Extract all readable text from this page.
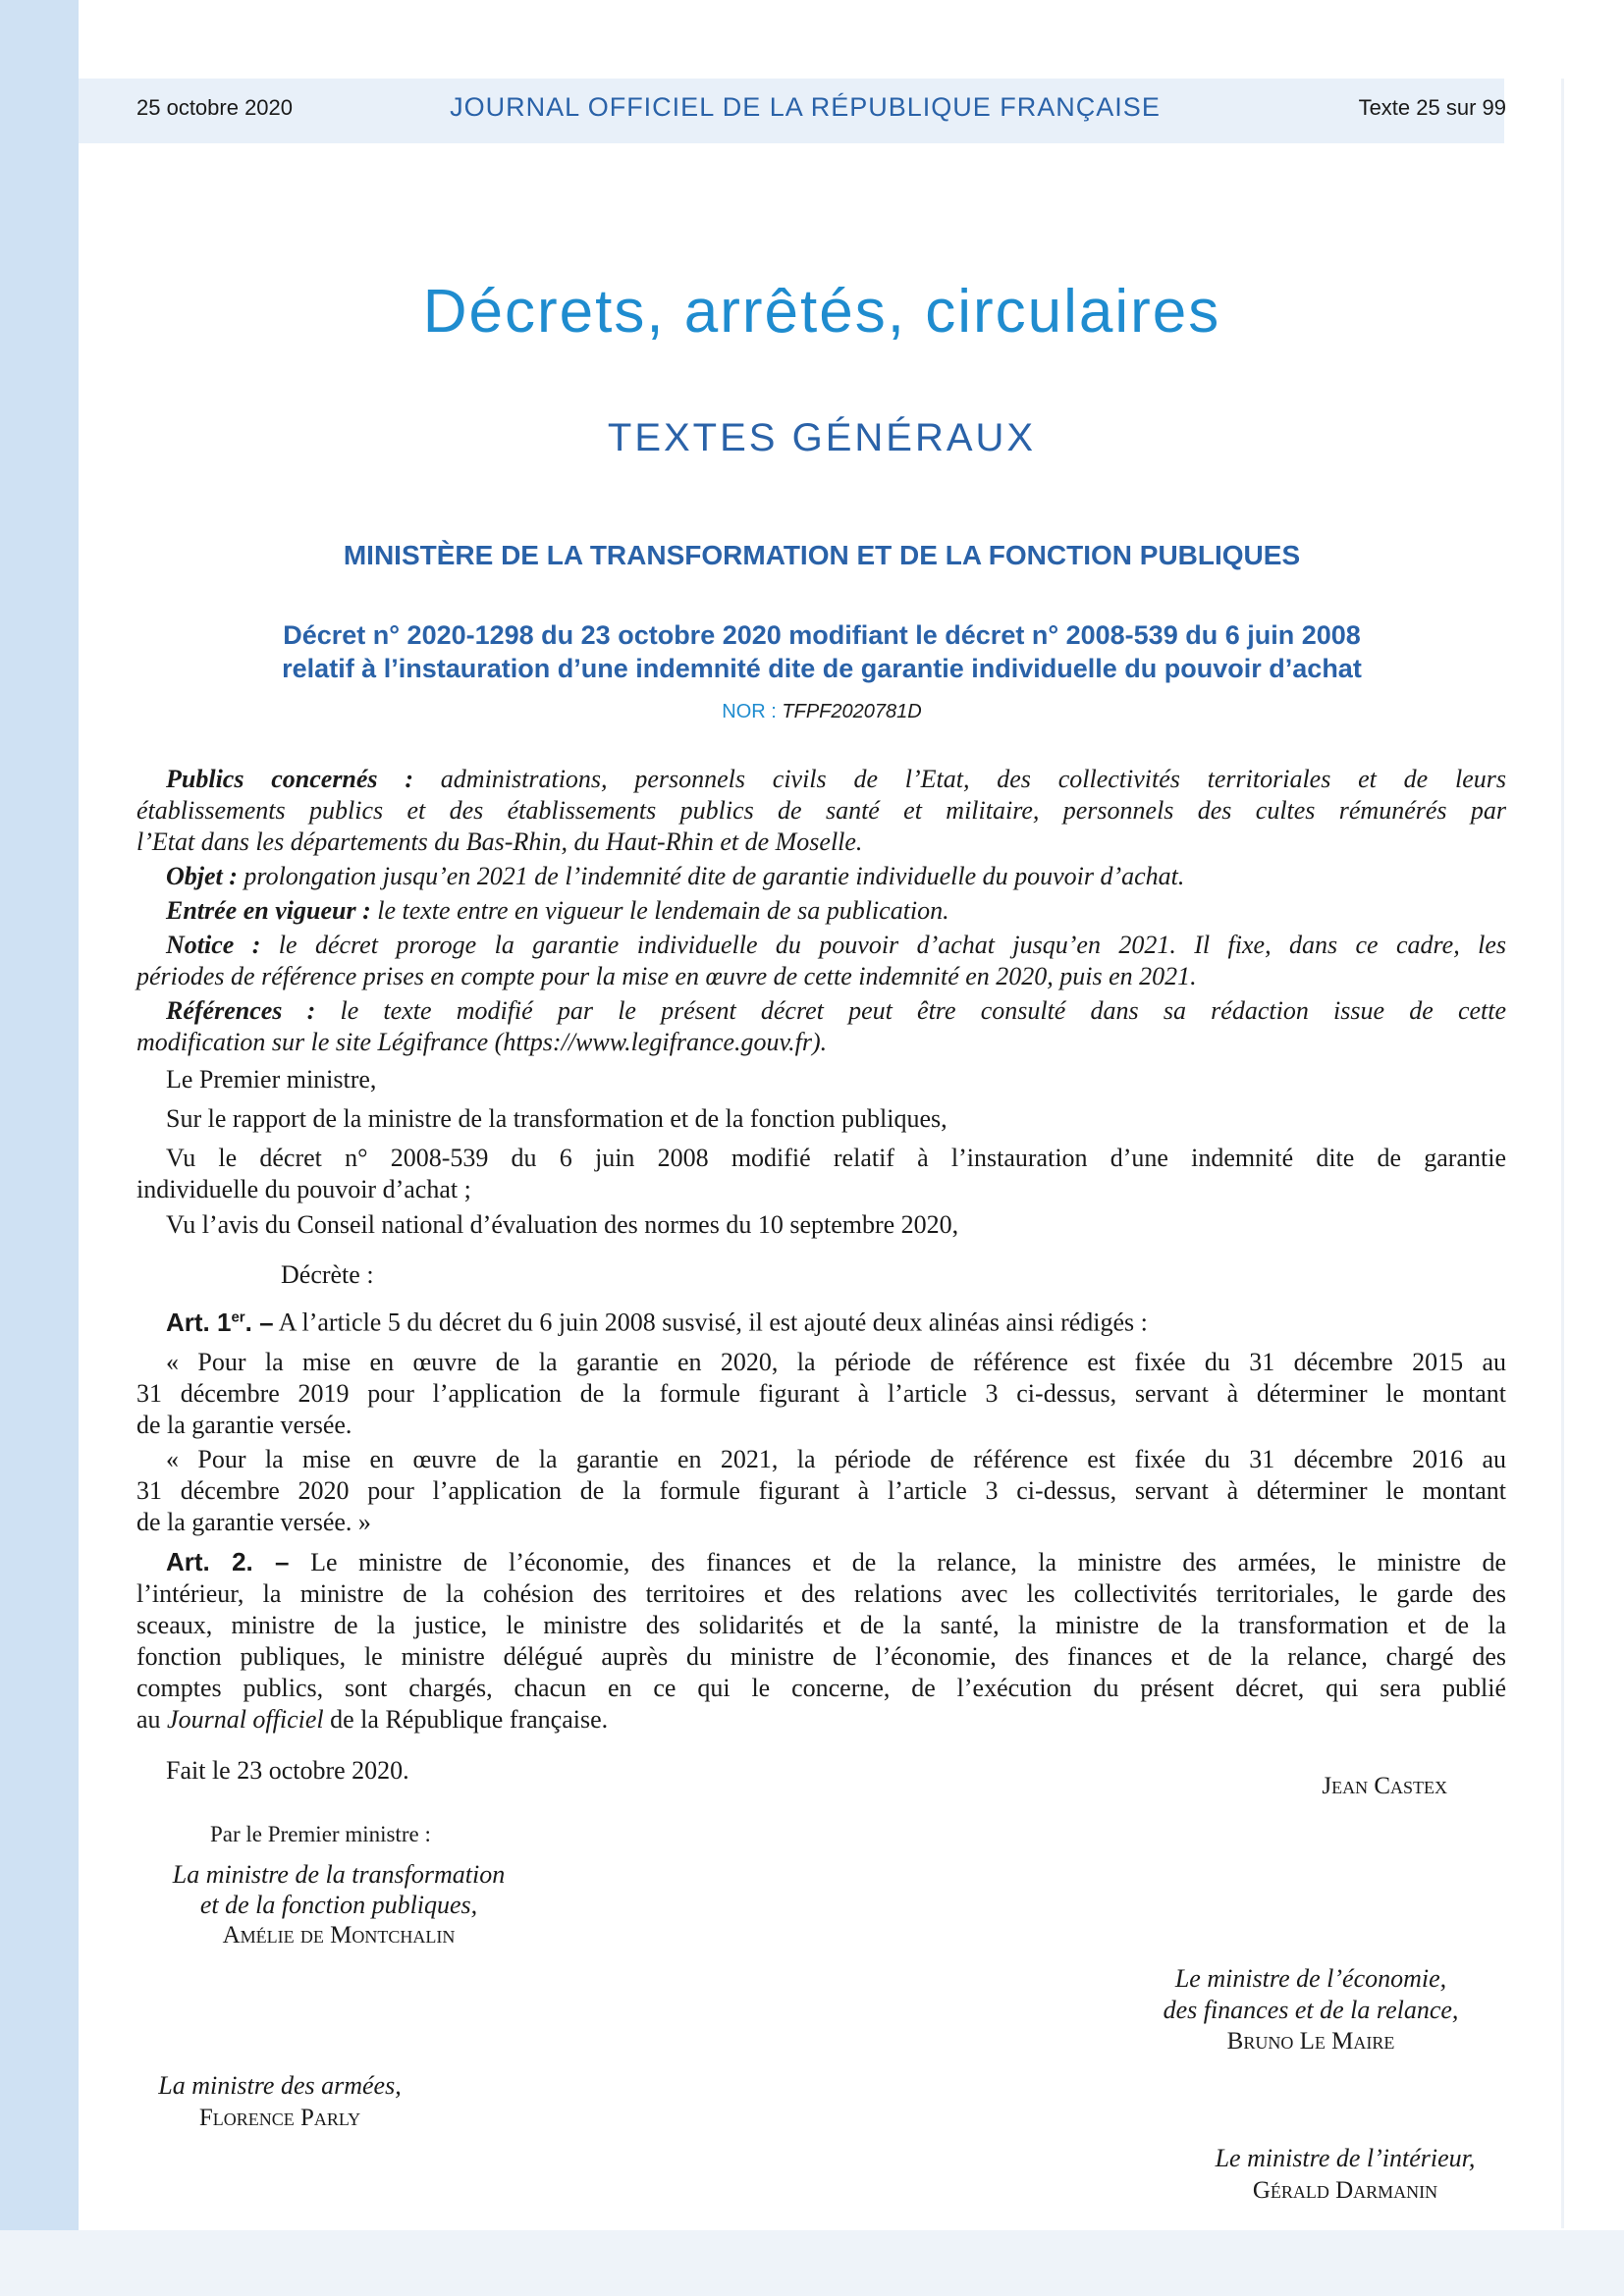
25 octobre 2020	JOURNAL OFFICIEL DE LA RÉPUBLIQUE FRANÇAISE	Texte 25 sur 99
Décrets, arrêtés, circulaires
TEXTES GÉNÉRAUX
MINISTÈRE DE LA TRANSFORMATION ET DE LA FONCTION PUBLIQUES
Décret n° 2020-1298 du 23 octobre 2020 modifiant le décret n° 2008-539 du 6 juin 2008
relatif à l’instauration d’une indemnité dite de garantie individuelle du pouvoir d’achat
NOR : TFPF2020781D
Publics concernés : administrations, personnels civils de l’Etat, des collectivités territoriales et de leurs
établissements publics et des établissements publics de santé et militaire, personnels des cultes rémunérés par
l’Etat dans les départements du Bas-Rhin, du Haut-Rhin et de Moselle.
Objet : prolongation jusqu’en 2021 de l’indemnité dite de garantie individuelle du pouvoir d’achat.
Entrée en vigueur : le texte entre en vigueur le lendemain de sa publication.
Notice : le décret proroge la garantie individuelle du pouvoir d’achat jusqu’en 2021. Il fixe, dans ce cadre, les
périodes de référence prises en compte pour la mise en œuvre de cette indemnité en 2020, puis en 2021.
Références : le texte modifié par le présent décret peut être consulté dans sa rédaction issue de cette
modification sur le site Légifrance (https://www.legifrance.gouv.fr).
Le Premier ministre,
Sur le rapport de la ministre de la transformation et de la fonction publiques,
Vu le décret n° 2008-539 du 6 juin 2008 modifié relatif à l’instauration d’une indemnité dite de garantie
individuelle du pouvoir d’achat ;
Vu l’avis du Conseil national d’évaluation des normes du 10 septembre 2020,
Décrète :
Art. 1er. – A l’article 5 du décret du 6 juin 2008 susvisé, il est ajouté deux alinéas ainsi rédigés :
« Pour la mise en œuvre de la garantie en 2020, la période de référence est fixée du 31 décembre 2015 au
31 décembre 2019 pour l’application de la formule figurant à l’article 3 ci-dessus, servant à déterminer le montant
de la garantie versée.
« Pour la mise en œuvre de la garantie en 2021, la période de référence est fixée du 31 décembre 2016 au
31 décembre 2020 pour l’application de la formule figurant à l’article 3 ci-dessus, servant à déterminer le montant
de la garantie versée. »
Art. 2. – Le ministre de l’économie, des finances et de la relance, la ministre des armées, le ministre de
l’intérieur, la ministre de la cohésion des territoires et des relations avec les collectivités territoriales, le garde des
sceaux, ministre de la justice, le ministre des solidarités et de la santé, la ministre de la transformation et de la
fonction publiques, le ministre délégué auprès du ministre de l’économie, des finances et de la relance, chargé des
comptes publics, sont chargés, chacun en ce qui le concerne, de l’exécution du présent décret, qui sera publié
au Journal officiel de la République française.
Fait le 23 octobre 2020.
Jean Castex
Par le Premier ministre :
La ministre de la transformation
et de la fonction publiques,
Amélie de Montchalin
Le ministre de l’économie,
des finances et de la relance,
Bruno Le Maire
La ministre des armées,
Florence Parly
Le ministre de l’intérieur,
Gérald Darmanin
